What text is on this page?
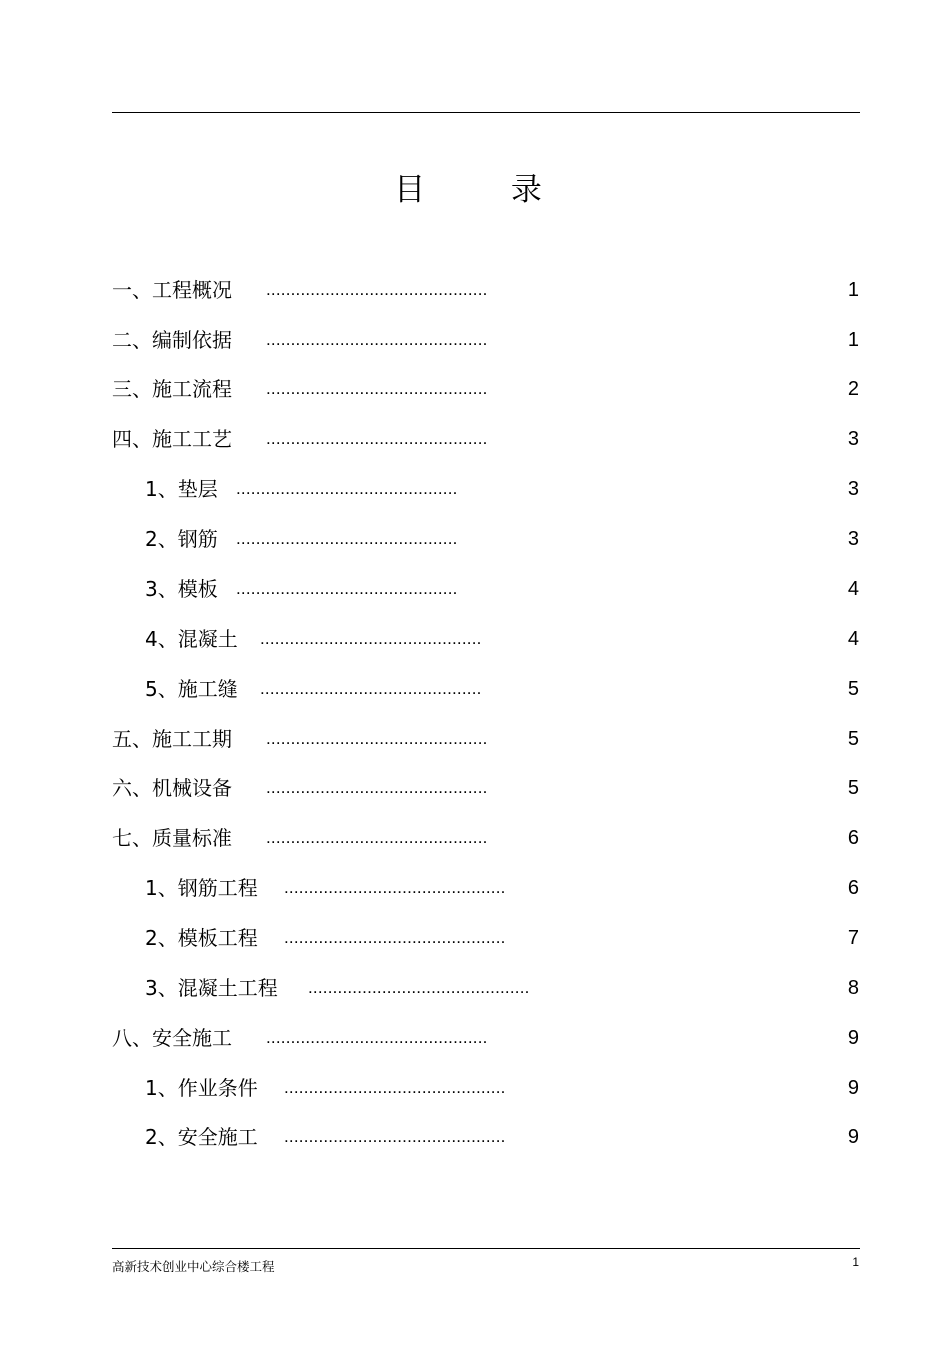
目 录
一、工程概况 .............................................	1
二、编制依据 .............................................	1
三、施工流程 .............................................	2
四、施工工艺 .............................................	3
1、垫层 .............................................	3
2、钢筋 .............................................	3
3、模板 .............................................	4
4、混凝土 .............................................	4
5、施工缝 .............................................	5
五、施工工期 .............................................	5
六、机械设备 .............................................	5
七、质量标准 .............................................	6
1、钢筋工程 .............................................	6
2、模板工程 .............................................	7
3、混凝土工程 .............................................	8
八、安全施工 .............................................	9
1、作业条件 .............................................	9
2、安全施工 .............................................	9
高新技术创业中心综合楼工程	1
